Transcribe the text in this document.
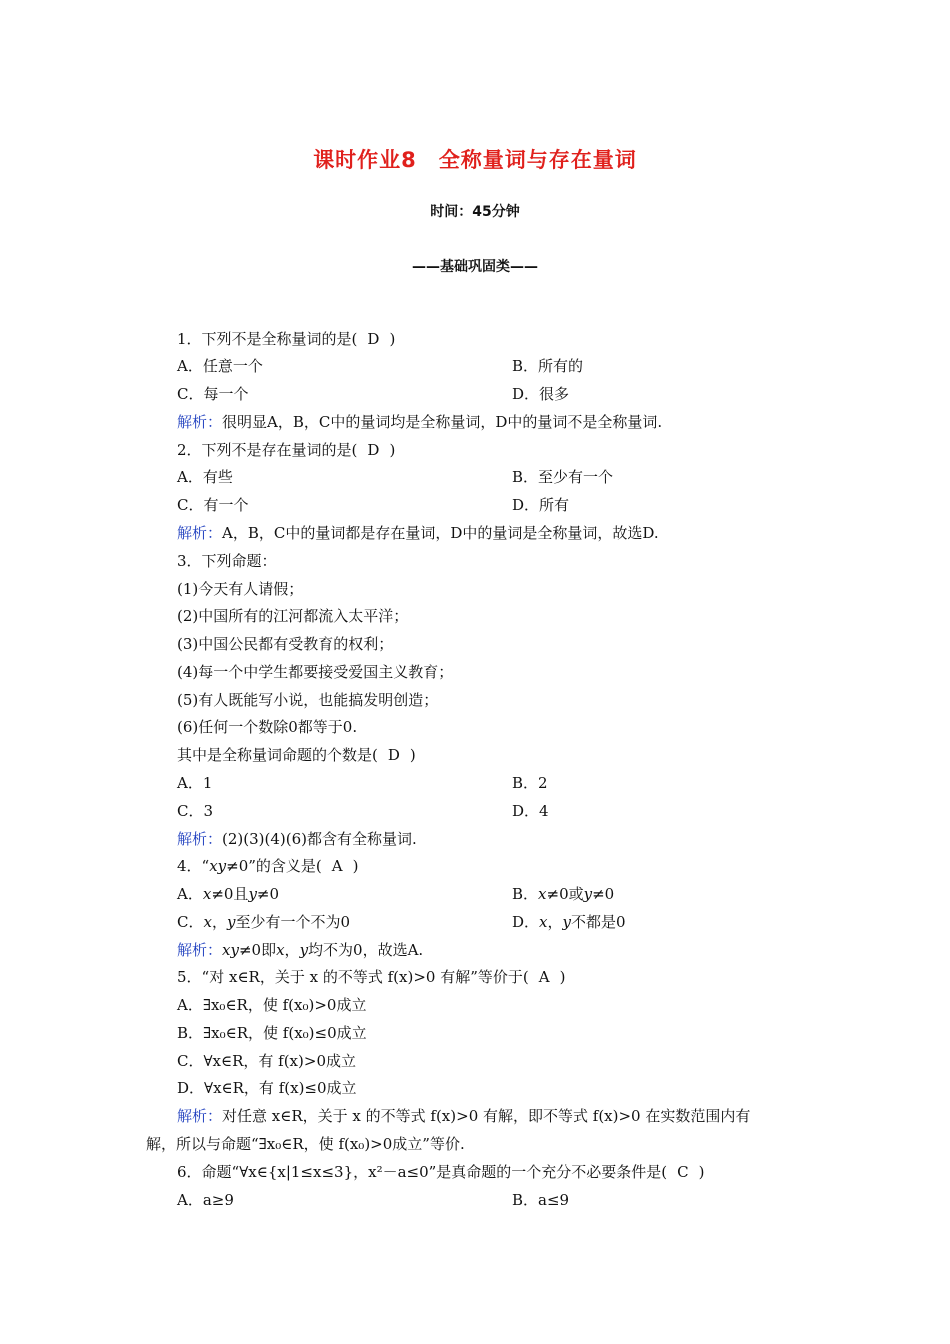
课时作业8　全称量词与存在量词
时间：45分钟
——基础巩固类——
1．下列不是全称量词的是( D )
A．任意一个	B．所有的
C．每一个	D．很多
解析：很明显A，B，C中的量词均是全称量词，D中的量词不是全称量词.
2．下列不是存在量词的是( D )
A．有些	B．至少有一个
C．有一个	D．所有
解析：A，B，C中的量词都是存在量词，D中的量词是全称量词，故选D.
3．下列命题：
(1)今天有人请假；
(2)中国所有的江河都流入太平洋；
(3)中国公民都有受教育的权利；
(4)每一个中学生都要接受爱国主义教育；
(5)有人既能写小说，也能搞发明创造；
(6)任何一个数除0都等于0.
其中是全称量词命题的个数是( D )
A．1	B．2
C．3	D．4
解析：(2)(3)(4)(6)都含有全称量词.
4．“xy≠0”的含义是( A )
A．x≠0且y≠0	B．x≠0或y≠0
C．x，y至少有一个不为0	D．x，y不都是0
解析：xy≠0即x，y均不为0，故选A.
5．“对 x∈R，关于 x 的不等式 f(x)>0 有解”等价于( A )
A．∃x₀∈R，使 f(x₀)>0成立
B．∃x₀∈R，使 f(x₀)≤0成立
C．∀x∈R，有 f(x)>0成立
D．∀x∈R，有 f(x)≤0成立
解析：对任意 x∈R，关于 x 的不等式 f(x)>0 有解，即不等式 f(x)>0 在实数范围内有
解，所以与命题“∃x₀∈R，使 f(x₀)>0成立”等价.
6．命题“∀x∈{x|1≤x≤3}，x²－a≤0”是真命题的一个充分不必要条件是( C )
A．a≥9	B．a≤9
